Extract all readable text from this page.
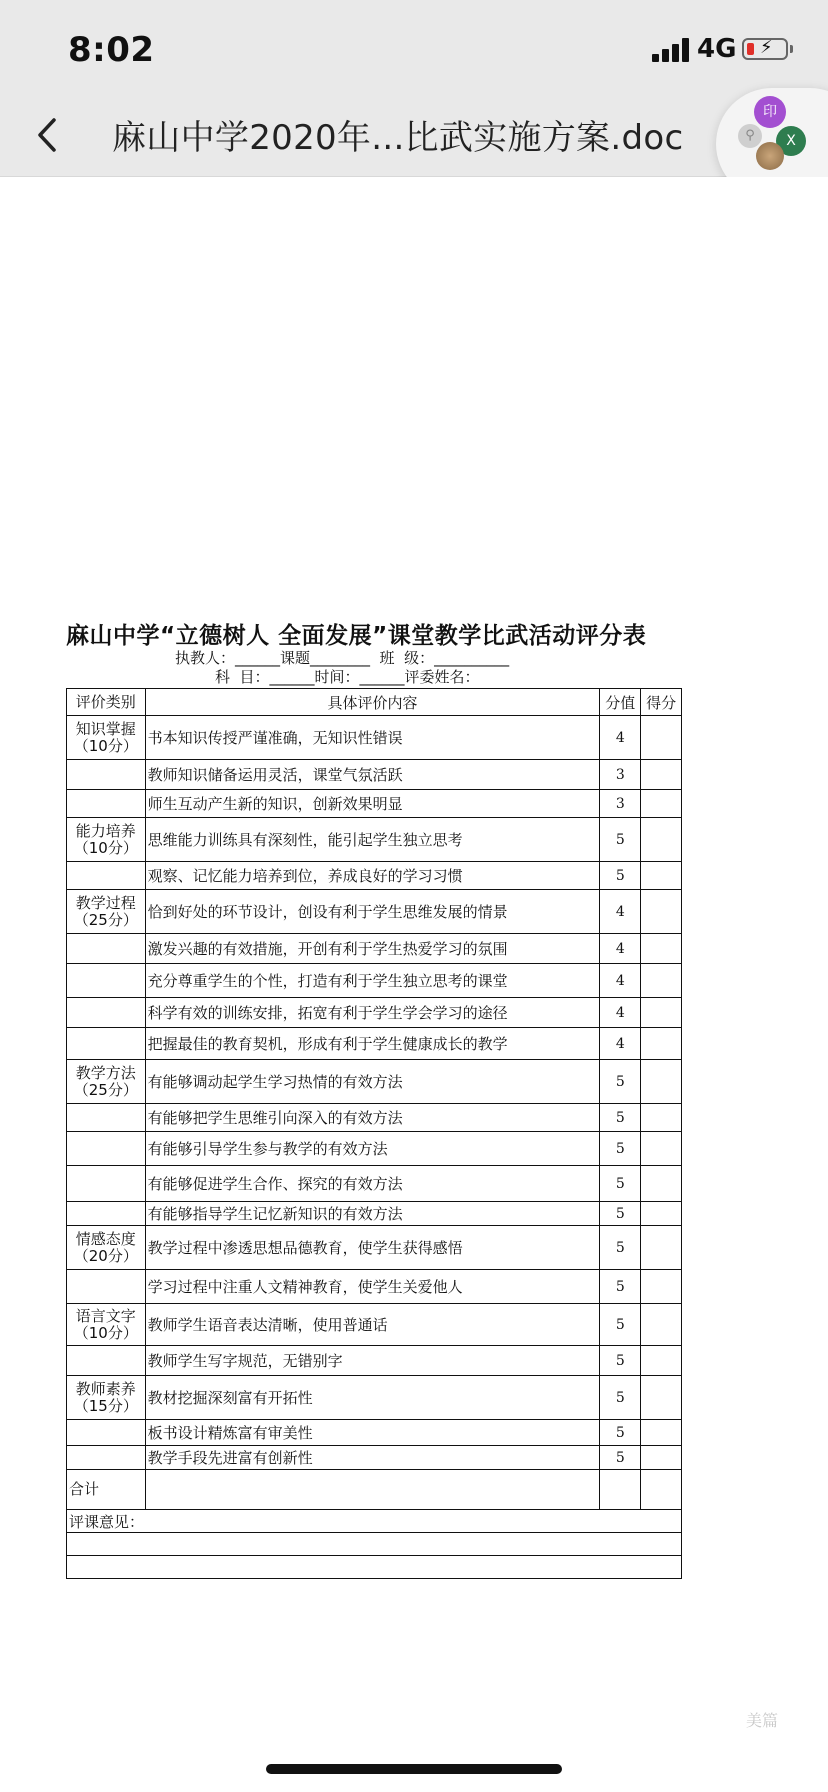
8:02	4G ⚡
麻山中学2020年...比武实施方案.doc
印
X
⚲
麻山中学“立德树人 全面发展”课堂教学比武活动评分表
执教人：______课题________  班  级：__________
科  目：______时间：______评委姓名：
评价类别	具体评价内容	分值	得分

知识掌握
（10分）	书本知识传授严谨准确，无知识性错误	4	

	教师知识储备运用灵活，课堂气氛活跃	3	

	师生互动产生新的知识，创新效果明显	3	

能力培养
（10分）	思维能力训练具有深刻性，能引起学生独立思考	5	

	观察、记忆能力培养到位，养成良好的学习习惯	5	

教学过程
（25分）	恰到好处的环节设计，创设有利于学生思维发展的情景	4	

	激发兴趣的有效措施，开创有利于学生热爱学习的氛围	4	

	充分尊重学生的个性，打造有利于学生独立思考的课堂	4	

	科学有效的训练安排，拓宽有利于学生学会学习的途径	4	

	把握最佳的教育契机，形成有利于学生健康成长的教学	4	

教学方法
（25分）	有能够调动起学生学习热情的有效方法	5	

	有能够把学生思维引向深入的有效方法	5	

	有能够引导学生参与教学的有效方法	5	

	有能够促进学生合作、探究的有效方法	5	

	有能够指导学生记忆新知识的有效方法	5	

情感态度
（20分）	教学过程中渗透思想品德教育，使学生获得感悟	5	

	学习过程中注重人文精神教育，使学生关爱他人	5	

语言文字
（10分）	教师学生语音表达清晰，使用普通话	5	

	教师学生写字规范，无错别字	5	

教师素养
（15分）	教材挖掘深刻富有开拓性	5	

	板书设计精炼富有审美性	5	

	教学手段先进富有创新性	5	
合计			
评课意见：			

美篇
